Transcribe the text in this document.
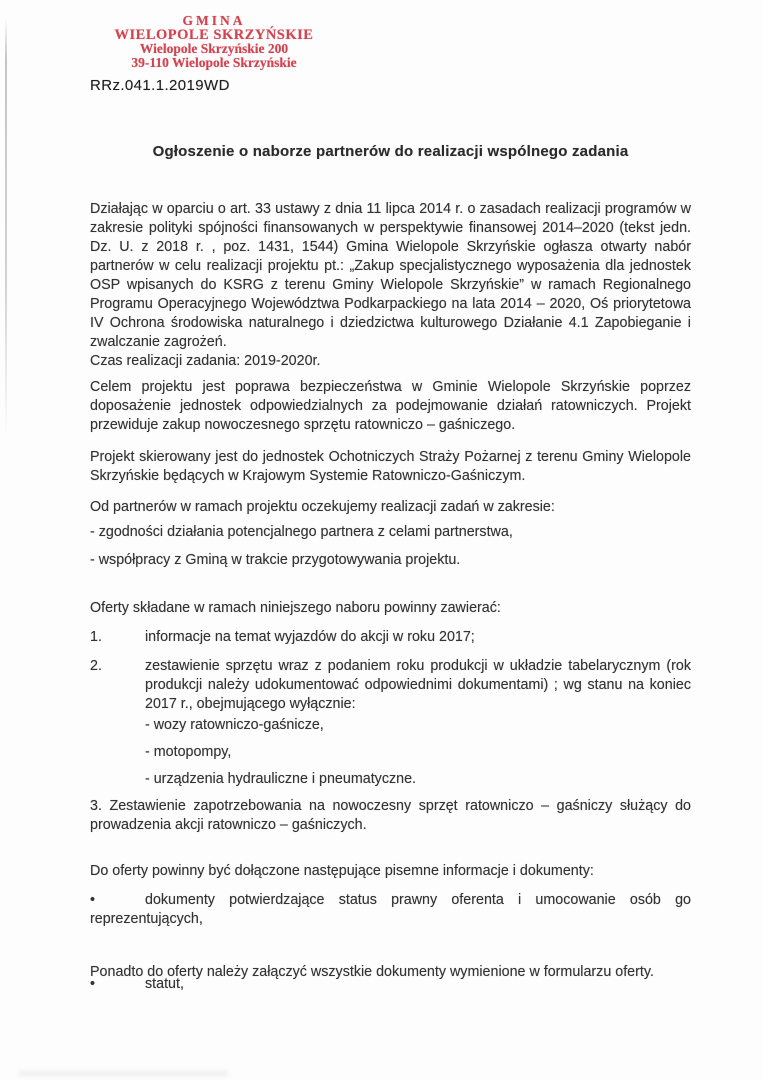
GMINA
WIELOPOLE SKRZYŃSKIE
Wielopole Skrzyńskie 200
39-110 Wielopole Skrzyńskie
RRz.041.1.2019WD
Ogłoszenie o naborze partnerów do realizacji wspólnego zadania
Działając w oparciu o art. 33 ustawy z dnia 11 lipca 2014 r. o zasadach realizacji programów w zakresie polityki spójności finansowanych w perspektywie finansowej 2014–2020 (tekst jedn. Dz. U. z 2018 r. , poz. 1431, 1544) Gmina Wielopole Skrzyńskie ogłasza otwarty nabór partnerów w celu realizacji projektu pt.: „Zakup specjalistycznego wyposażenia dla jednostek OSP wpisanych do KSRG z terenu Gminy Wielopole Skrzyńskie” w ramach Regionalnego Programu Operacyjnego Województwa Podkarpackiego na lata 2014 – 2020, Oś priorytetowa IV Ochrona środowiska naturalnego i dziedzictwa kulturowego Działanie 4.1 Zapobieganie i zwalczanie zagrożeń.
Czas realizacji zadania: 2019-2020r.
Celem projektu jest poprawa bezpieczeństwa w Gminie Wielopole Skrzyńskie poprzez doposażenie jednostek odpowiedzialnych za podejmowanie działań ratowniczych. Projekt przewiduje zakup nowoczesnego sprzętu ratowniczo – gaśniczego.
Projekt skierowany jest do jednostek Ochotniczych Straży Pożarnej z terenu Gminy Wielopole Skrzyńskie będących w Krajowym Systemie Ratowniczo-Gaśniczym.
Od partnerów w ramach projektu oczekujemy realizacji zadań w zakresie:
- zgodności działania potencjalnego partnera z celami partnerstwa,
- współpracy z Gminą w trakcie przygotowywania projektu.
Oferty składane w ramach niniejszego naboru powinny zawierać:
1.	informacje na temat wyjazdów do akcji w roku 2017;
2.	zestawienie sprzętu wraz z podaniem roku produkcji w układzie tabelarycznym (rok produkcji należy udokumentować odpowiednimi dokumentami) ; wg stanu na koniec 2017 r., obejmującego wyłącznie:
- wozy ratowniczo-gaśnicze,
- motopompy,
- urządzenia hydrauliczne i pneumatyczne.
3. Zestawienie zapotrzebowania na nowoczesny sprzęt ratowniczo – gaśniczy służący do prowadzenia akcji ratowniczo – gaśniczych.
Do oferty powinny być dołączone następujące pisemne informacje i dokumenty:
•	dokumenty potwierdzające status prawny oferenta i umocowanie osób go reprezentujących,
•	statut,
Ponadto do oferty należy załączyć wszystkie dokumenty wymienione w formularzu oferty.
